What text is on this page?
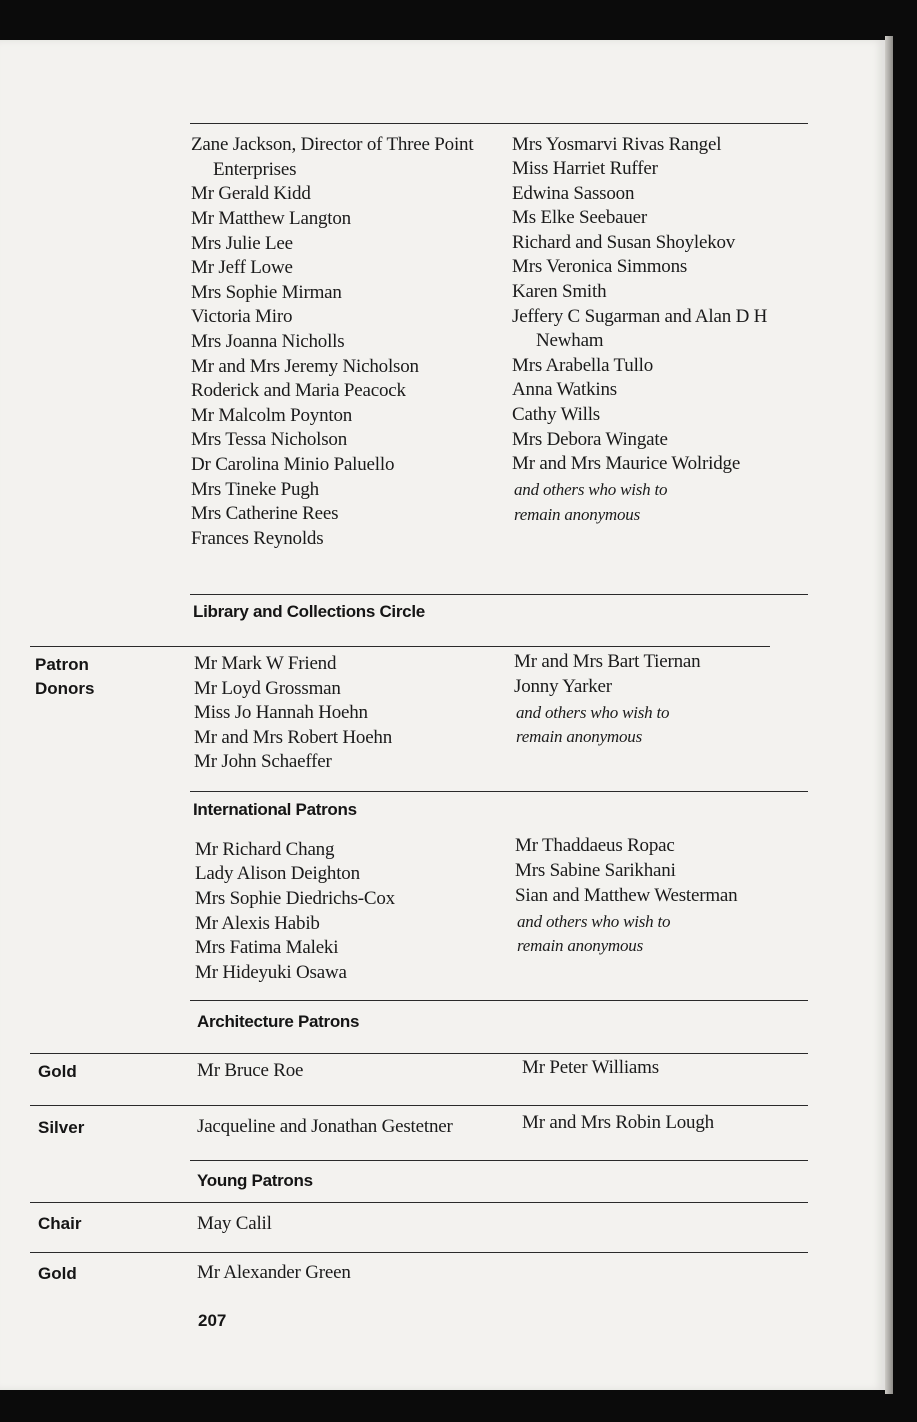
Zane Jackson, Director of Three Point
Enterprises
Mr Gerald Kidd
Mr Matthew Langton
Mrs Julie Lee
Mr Jeff Lowe
Mrs Sophie Mirman
Victoria Miro
Mrs Joanna Nicholls
Mr and Mrs Jeremy Nicholson
Roderick and Maria Peacock
Mr Malcolm Poynton
Mrs Tessa Nicholson
Dr Carolina Minio Paluello
Mrs Tineke Pugh
Mrs Catherine Rees
Frances Reynolds
Mrs Yosmarvi Rivas Rangel
Miss Harriet Ruffer
Edwina Sassoon
Ms Elke Seebauer
Richard and Susan Shoylekov
Mrs Veronica Simmons
Karen Smith
Jeffery C Sugarman and Alan D H
Newham
Mrs Arabella Tullo
Anna Watkins
Cathy Wills
Mrs Debora Wingate
Mr and Mrs Maurice Wolridge
and others who wish to
remain anonymous
Library and Collections Circle
Patron
Donors
Mr Mark W Friend
Mr Loyd Grossman
Miss Jo Hannah Hoehn
Mr and Mrs Robert Hoehn
Mr John Schaeffer
Mr and Mrs Bart Tiernan
Jonny Yarker
and others who wish to
remain anonymous
International Patrons
Mr Richard Chang
Lady Alison Deighton
Mrs Sophie Diedrichs-Cox
Mr Alexis Habib
Mrs Fatima Maleki
Mr Hideyuki Osawa
Mr Thaddaeus Ropac
Mrs Sabine Sarikhani
Sian and Matthew Westerman
and others who wish to
remain anonymous
Architecture Patrons
Gold	Mr Bruce Roe	Mr Peter Williams
Silver	Jacqueline and Jonathan Gestetner	Mr and Mrs Robin Lough
Young Patrons
Chair	May Calil
Gold	Mr Alexander Green
207
